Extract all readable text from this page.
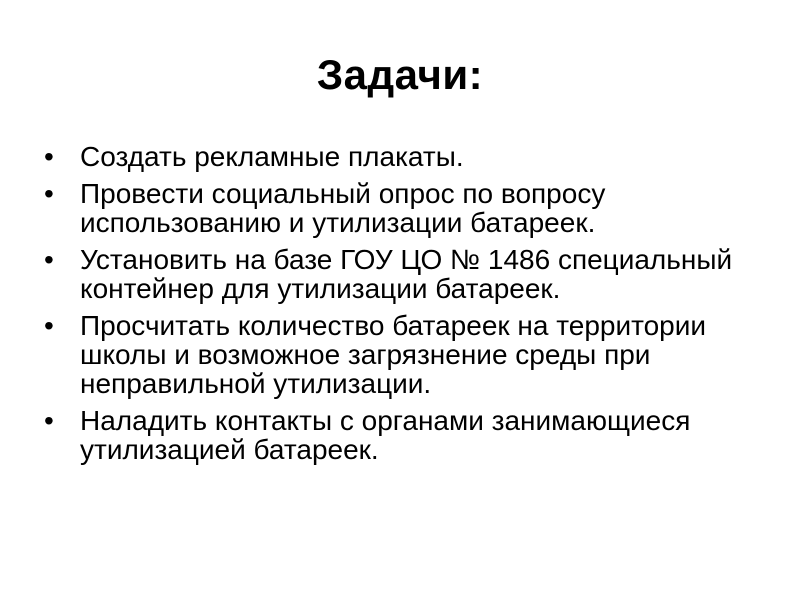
Задачи:
• Создать рекламные плакаты.
• Провести социальный опрос по вопросу использованию и утилизации батареек.
• Установить на базе ГОУ ЦО № 1486 специальный контейнер для утилизации батареек.
• Просчитать количество батареек на территории школы и возможное загрязнение среды при неправильной утилизации.
• Наладить контакты с органами занимающиеся утилизацией батареек.
